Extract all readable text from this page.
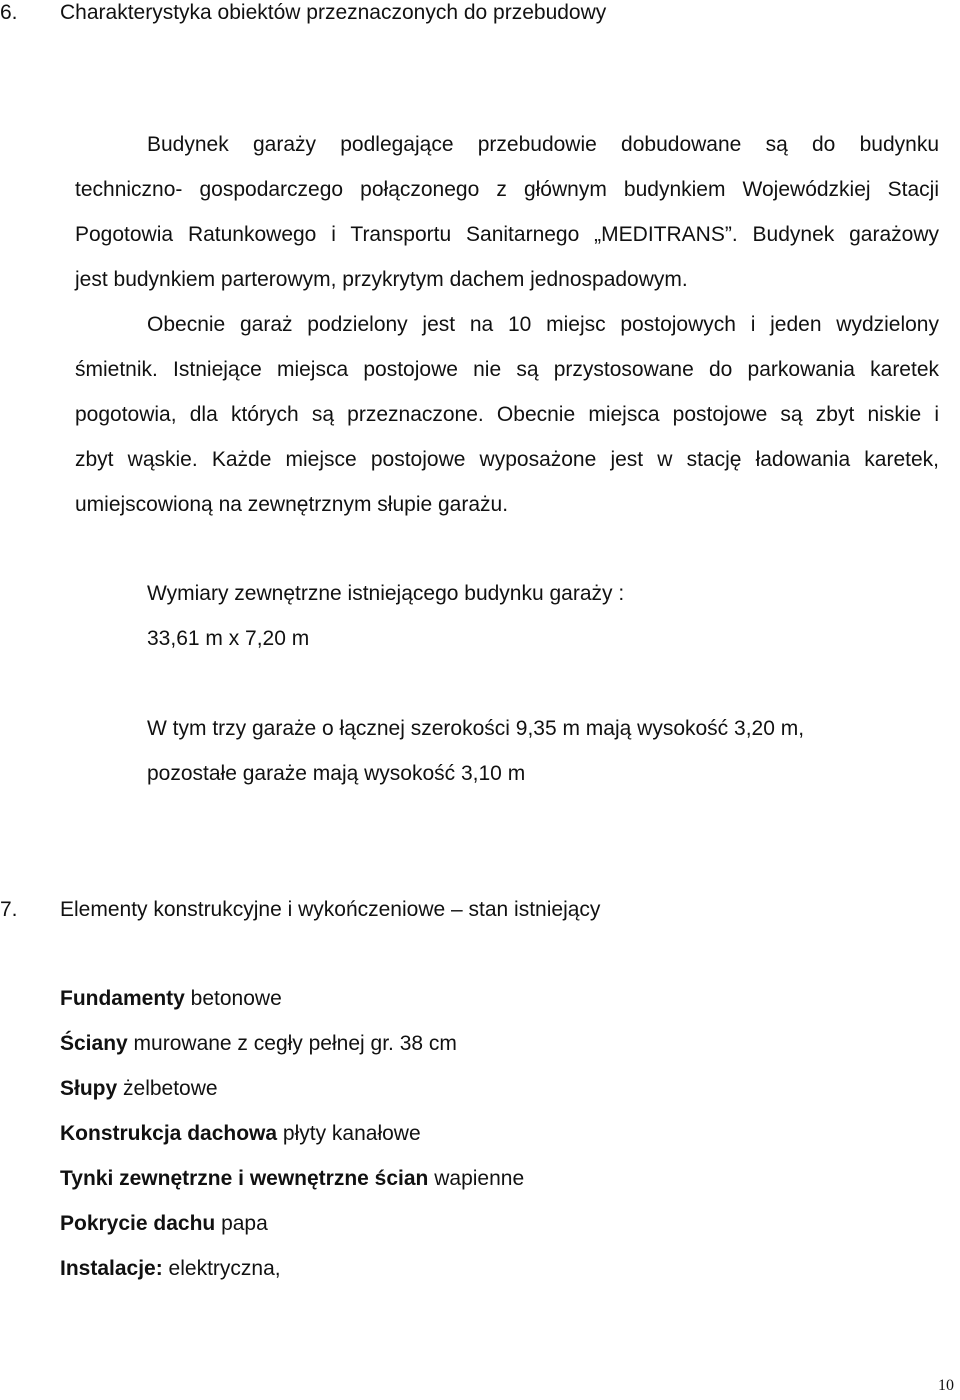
6. Charakterystyka obiektów przeznaczonych do przebudowy
Budynek garaży podlegające przebudowie dobudowane są do budynku
techniczno- gospodarczego połączonego z głównym budynkiem Wojewódzkiej Stacji
Pogotowia Ratunkowego i Transportu Sanitarnego „MEDITRANS”. Budynek garażowy
jest budynkiem parterowym, przykrytym dachem jednospadowym.
Obecnie garaż podzielony jest na 10 miejsc postojowych i jeden wydzielony
śmietnik. Istniejące miejsca postojowe nie są przystosowane do parkowania karetek
pogotowia, dla których są przeznaczone. Obecnie miejsca postojowe są zbyt niskie i
zbyt wąskie. Każde miejsce postojowe wyposażone jest w stację ładowania karetek,
umiejscowioną na zewnętrznym słupie garażu.
Wymiary zewnętrzne istniejącego budynku garaży :
33,61 m x 7,20 m
W tym trzy garaże o łącznej szerokości 9,35 m mają wysokość 3,20 m,
pozostałe garaże mają wysokość 3,10 m
7. Elementy konstrukcyjne i wykończeniowe – stan istniejący
Fundamenty betonowe
Ściany murowane z cegły pełnej gr. 38 cm
Słupy żelbetowe
Konstrukcja dachowa płyty kanałowe
Tynki zewnętrzne i wewnętrzne ścian wapienne
Pokrycie dachu papa
Instalacje: elektryczna,
10
